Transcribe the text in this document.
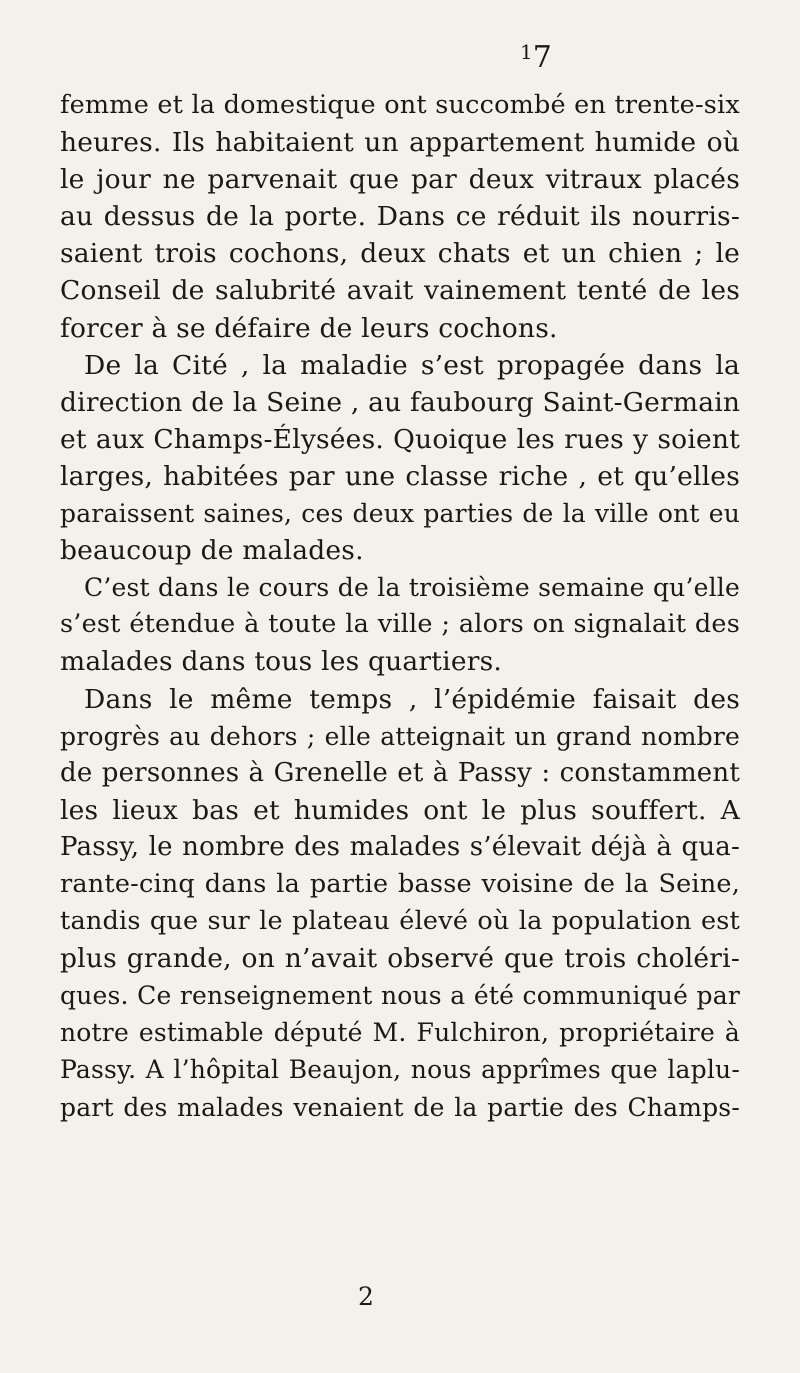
$^1$7
femme et la domestique ont succombé en trente-six
heures. Ils habitaient un appartement humide où
le jour ne parvenait que par deux vitraux placés
au dessus de la porte. Dans ce réduit ils nourris-
saient trois cochons, deux chats et un chien ; le
Conseil de salubrité avait vainement tenté de les
forcer à se défaire de leurs cochons.
De la Cité , la maladie s’est propagée dans la
direction de la Seine , au faubourg Saint-Germain
et aux Champs-Élysées. Quoique les rues y soient
larges, habitées par une classe riche , et qu’elles
paraissent saines, ces deux parties de la ville ont eu
beaucoup de malades.
C’est dans le cours de la troisième semaine qu’elle
s’est étendue à toute la ville ; alors on signalait des
malades dans tous les quartiers.
Dans le même temps , l’épidémie faisait des
progrès au dehors ; elle atteignait un grand nombre
de personnes à Grenelle et à Passy : constamment
les lieux bas et humides ont le plus souffert. A
Passy, le nombre des malades s’élevait déjà à qua-
rante-cinq dans la partie basse voisine de la Seine,
tandis que sur le plateau élevé où la population est
plus grande, on n’avait observé que trois choléri-
ques. Ce renseignement nous a été communiqué par
notre estimable député M. Fulchiron, propriétaire à
Passy. A l’hôpital Beaujon, nous apprîmes que laplu-
part des malades venaient de la partie des Champs-
2
